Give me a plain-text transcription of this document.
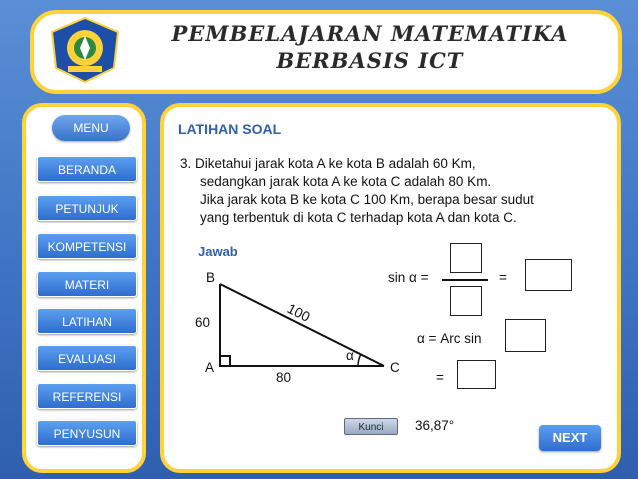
PEMBELAJARAN MATEMATIKA
BERBASIS ICT
MENU
BERANDA
PETUNJUK
KOMPETENSI
MATERI
LATIHAN
EVALUASI
REFERENSI
PENYUSUN
LATIHAN SOAL
3. Diketahui jarak kota A ke kota B adalah 60 Km,
sedangkan jarak kota A ke kota C adalah 80 Km.
Jika jarak kota B ke kota C 100 Km, berapa besar sudut
yang terbentuk di kota C terhadap kota A dan kota C.
Jawab
B
A	C
60
80
100
α
sin α =	=
α = Arc sin
=
Kunci	36,87°
NEXT
